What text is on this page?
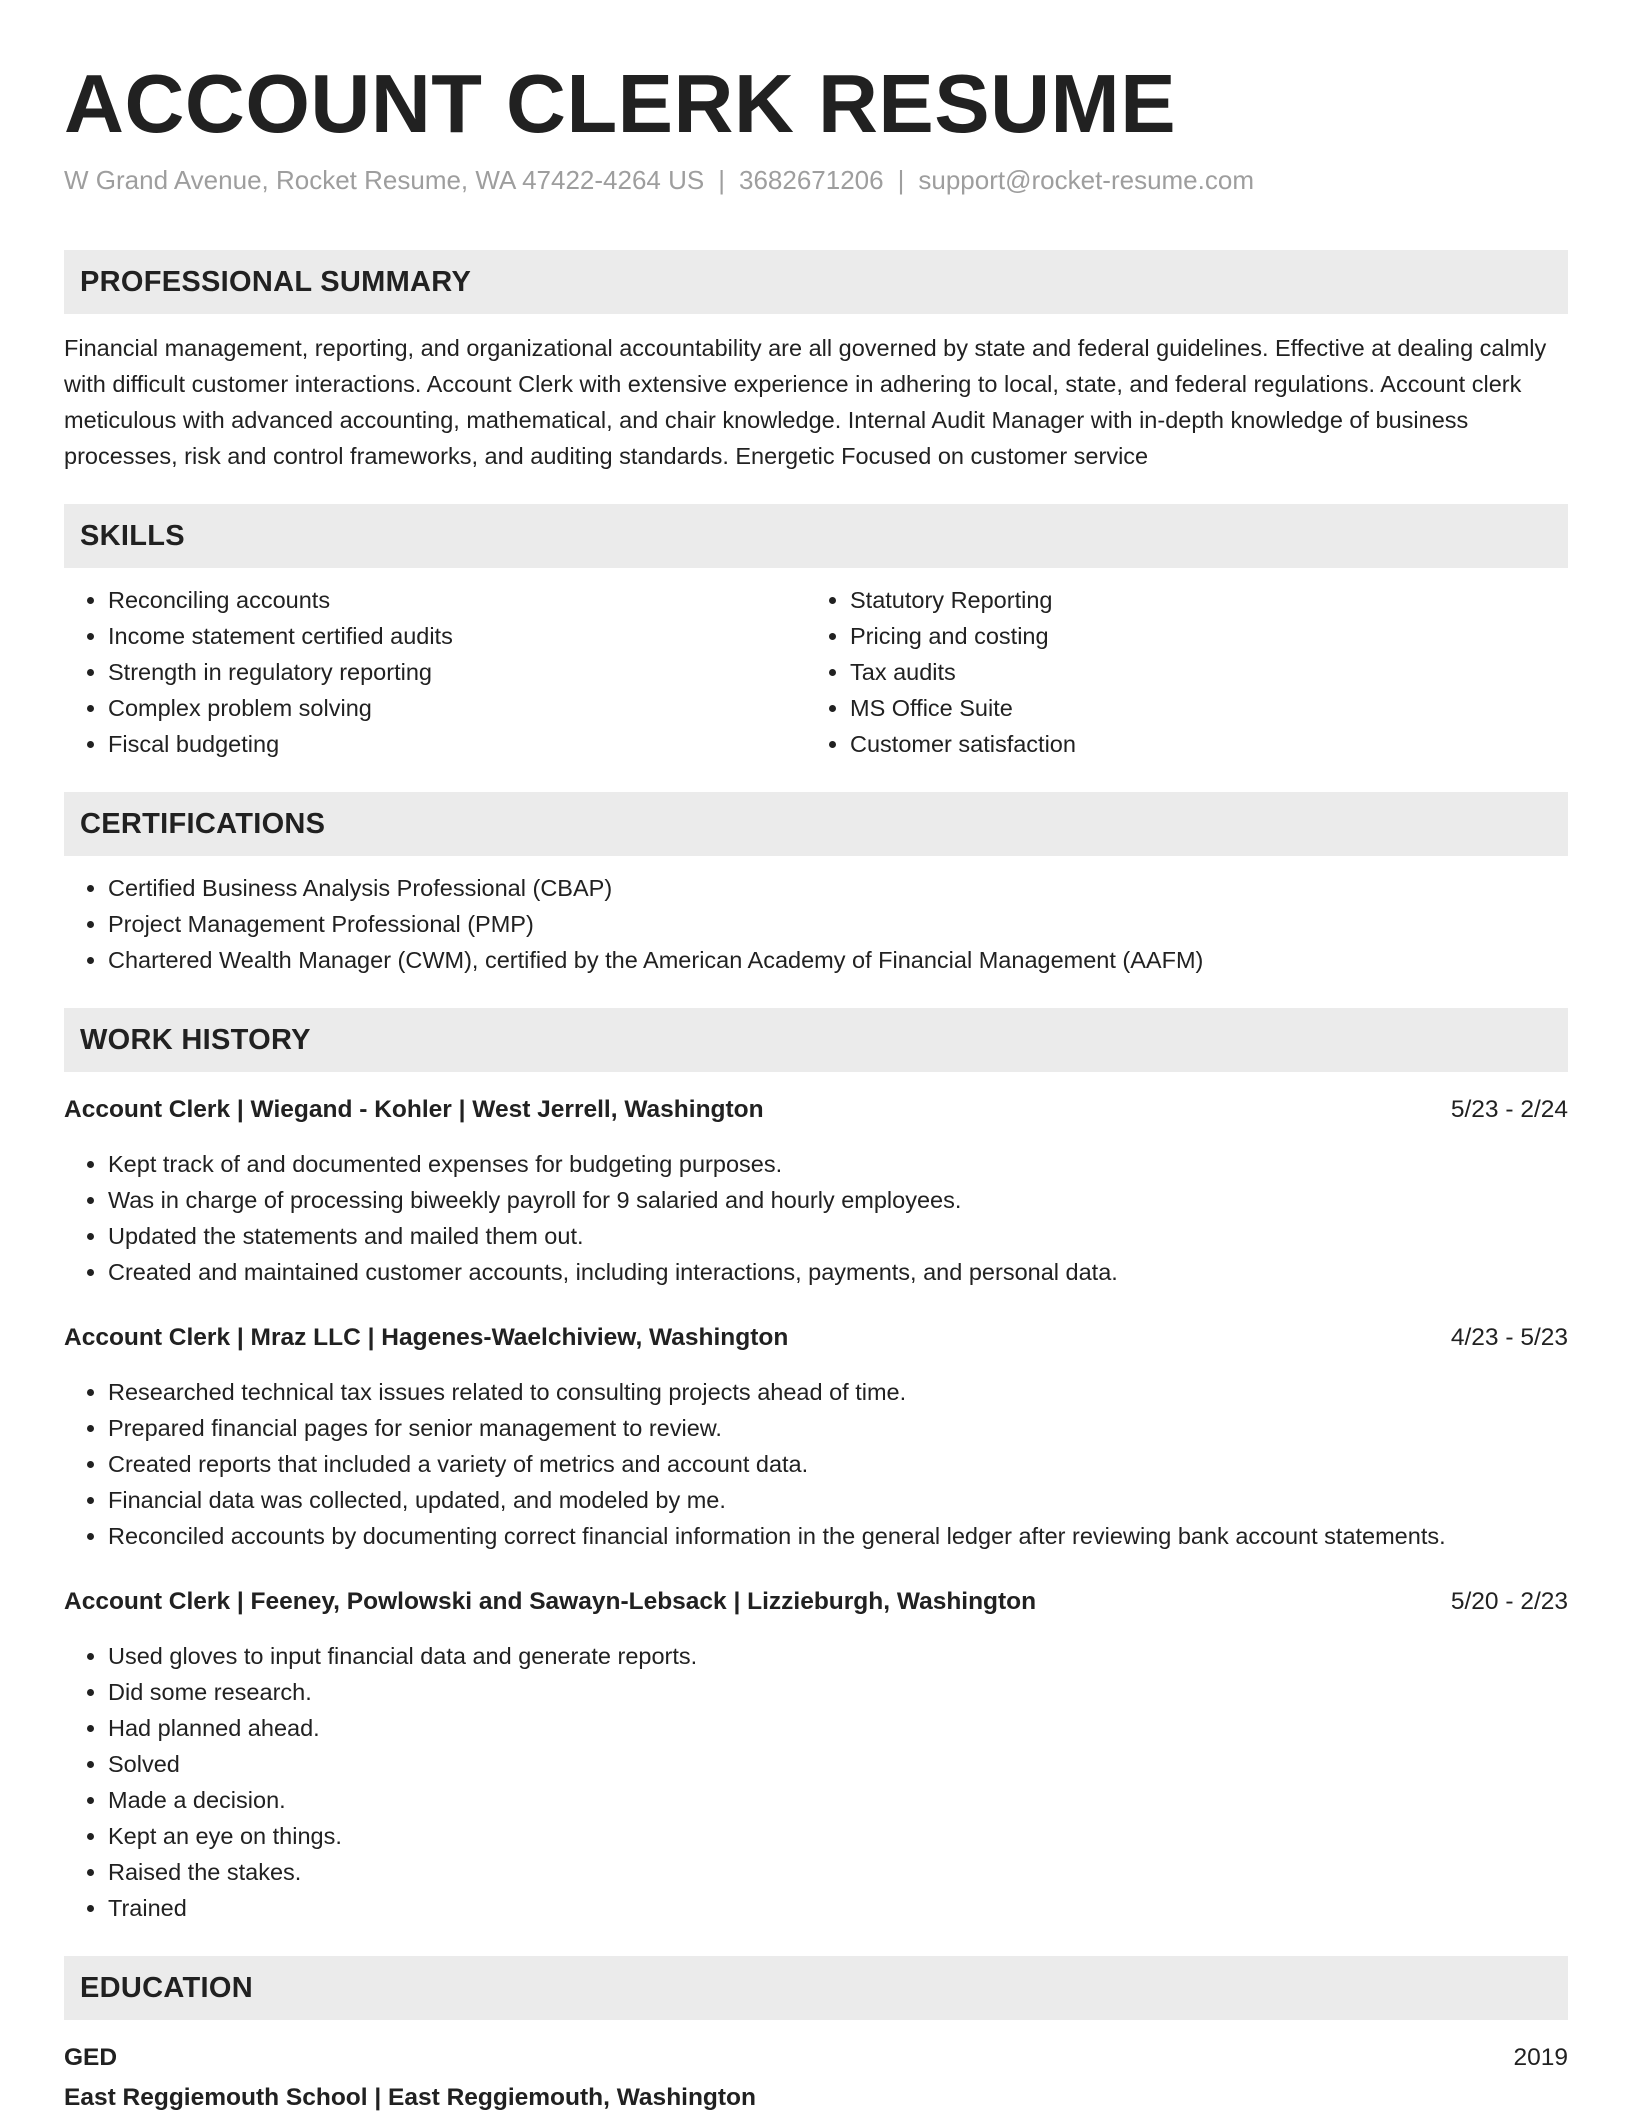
ACCOUNT CLERK RESUME
W Grand Avenue, Rocket Resume, WA 47422-4264 US | 3682671206 | support@rocket-resume.com
PROFESSIONAL SUMMARY
Financial management, reporting, and organizational accountability are all governed by state and federal guidelines. Effective at dealing calmly with difficult customer interactions. Account Clerk with extensive experience in adhering to local, state, and federal regulations. Account clerk meticulous with advanced accounting, mathematical, and chair knowledge. Internal Audit Manager with in-depth knowledge of business processes, risk and control frameworks, and auditing standards. Energetic Focused on customer service
SKILLS
• Reconciling accounts
• Income statement certified audits
• Strength in regulatory reporting
• Complex problem solving
• Fiscal budgeting
• Statutory Reporting
• Pricing and costing
• Tax audits
• MS Office Suite
• Customer satisfaction
CERTIFICATIONS
• Certified Business Analysis Professional (CBAP)
• Project Management Professional (PMP)
• Chartered Wealth Manager (CWM), certified by the American Academy of Financial Management (AAFM)
WORK HISTORY
Account Clerk | Wiegand - Kohler | West Jerrell, Washington	5/23 - 2/24
• Kept track of and documented expenses for budgeting purposes.
• Was in charge of processing biweekly payroll for 9 salaried and hourly employees.
• Updated the statements and mailed them out.
• Created and maintained customer accounts, including interactions, payments, and personal data.
Account Clerk | Mraz LLC | Hagenes-Waelchiview, Washington	4/23 - 5/23
• Researched technical tax issues related to consulting projects ahead of time.
• Prepared financial pages for senior management to review.
• Created reports that included a variety of metrics and account data.
• Financial data was collected, updated, and modeled by me.
• Reconciled accounts by documenting correct financial information in the general ledger after reviewing bank account statements.
Account Clerk | Feeney, Powlowski and Sawayn-Lebsack | Lizzieburgh, Washington	5/20 - 2/23
• Used gloves to input financial data and generate reports.
• Did some research.
• Had planned ahead.
• Solved
• Made a decision.
• Kept an eye on things.
• Raised the stakes.
• Trained
EDUCATION
GED	2019
East Reggiemouth School | East Reggiemouth, Washington
